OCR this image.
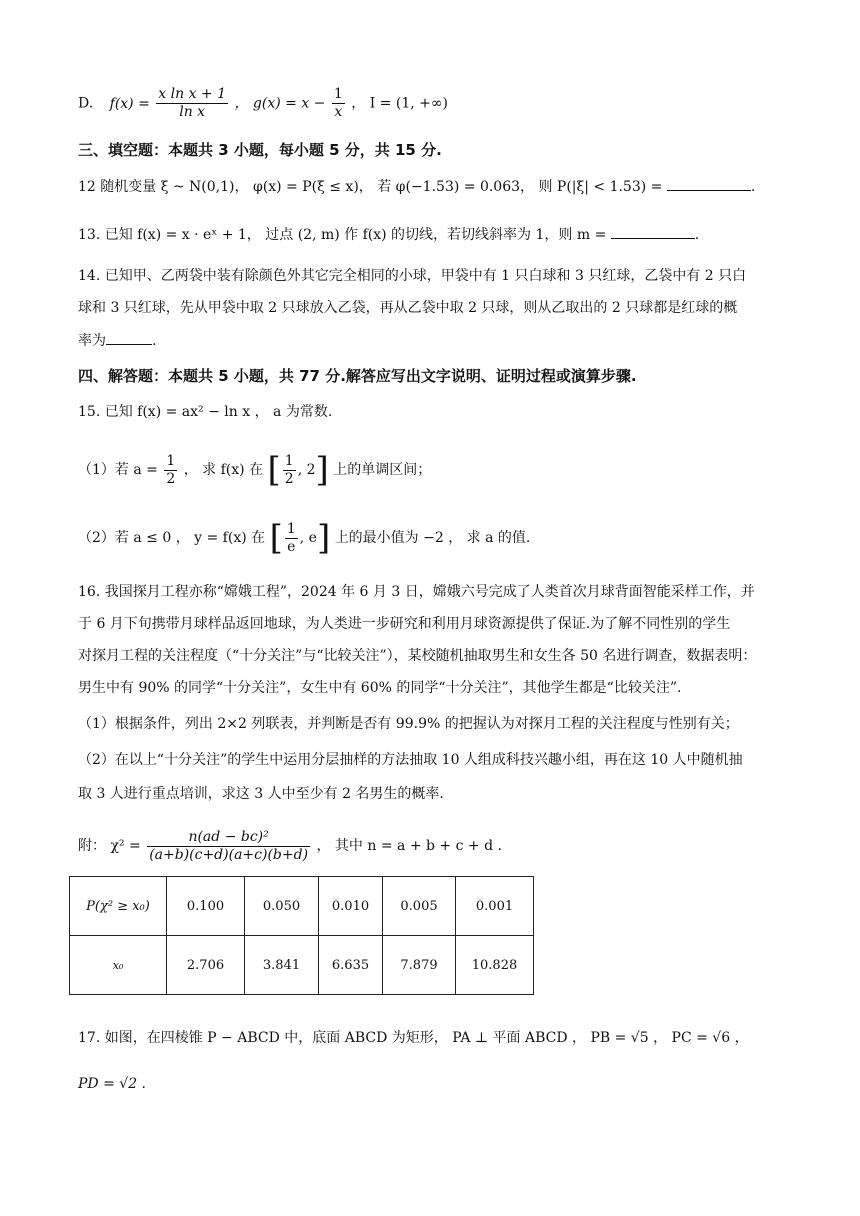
D. $f(x) = \frac{\text{x ln x + 1}}{\text{ln x}}$ ， $g(x) = x - \frac{1}{x}$ ， I = (1, +∞)
三、填空题：本题共 3 小题，每小题 5 分，共 15 分.
12 随机变量 ξ ~ N(0,1)， φ(x) = P(ξ ≤ x)， 若 φ(−1.53) = 0.063， 则 P(|ξ| < 1.53) =	.
13. 已知 f(x) = x · eˣ + 1， 过点 (2, m) 作 f(x) 的切线，若切线斜率为 1，则 m =	.
14. 已知甲、乙两袋中装有除颜色外其它完全相同的小球，甲袋中有 1 只白球和 3 只红球，乙袋中有 2 只白
球和 3 只红球，先从甲袋中取 2 只球放入乙袋，再从乙袋中取 2 只球，则从乙取出的 2 只球都是红球的概
率为	.
四、解答题：本题共 5 小题，共 77 分.解答应写出文字说明、证明过程或演算步骤.
15. 已知 f(x) = ax² − ln x ， a 为常数.
（1）若 $a = \frac{1}{2}$ ， 求 f(x) 在 [ $\frac{1}{2}$ , 2] 上的单调区间；
（2）若 a ≤ 0 ， y = f(x) 在 [ $\frac{1}{e}$ , e] 上的最小值为 −2 ， 求 a 的值.
16. 我国探月工程亦称“嫦娥工程”，2024 年 6 月 3 日，嫦娥六号完成了人类首次月球背面智能采样工作，并
于 6 月下旬携带月球样品返回地球，为人类进一步研究和利用月球资源提供了保证.为了解不同性别的学生
对探月工程的关注程度（“十分关注”与“比较关注”），某校随机抽取男生和女生各 50 名进行调查，数据表明：
男生中有 90% 的同学“十分关注”，女生中有 60% 的同学“十分关注”，其他学生都是“比较关注”.
（1）根据条件，列出 2×2 列联表，并判断是否有 99.9% 的把握认为对探月工程的关注程度与性别有关；
（2）在以上“十分关注”的学生中运用分层抽样的方法抽取 10 人组成科技兴趣小组，再在这 10 人中随机抽
取 3 人进行重点培训，求这 3 人中至少有 2 名男生的概率.
附： $\chi^2 = \frac{\text{n(ad − bc)²}}{(a+b)(c+d)(a+c)(b+d)}$ ， 其中 n = a + b + c + d .
P(χ² ≥ x₀)	0.100	0.050	0.010	0.005	0.001
x₀	2.706	3.841	6.635	7.879	10.828
17. 如图，在四棱锥 P − ABCD 中，底面 ABCD 为矩形， PA ⊥ 平面 ABCD ， PB = √5 ， PC = √6 ，
PD = √2 .
